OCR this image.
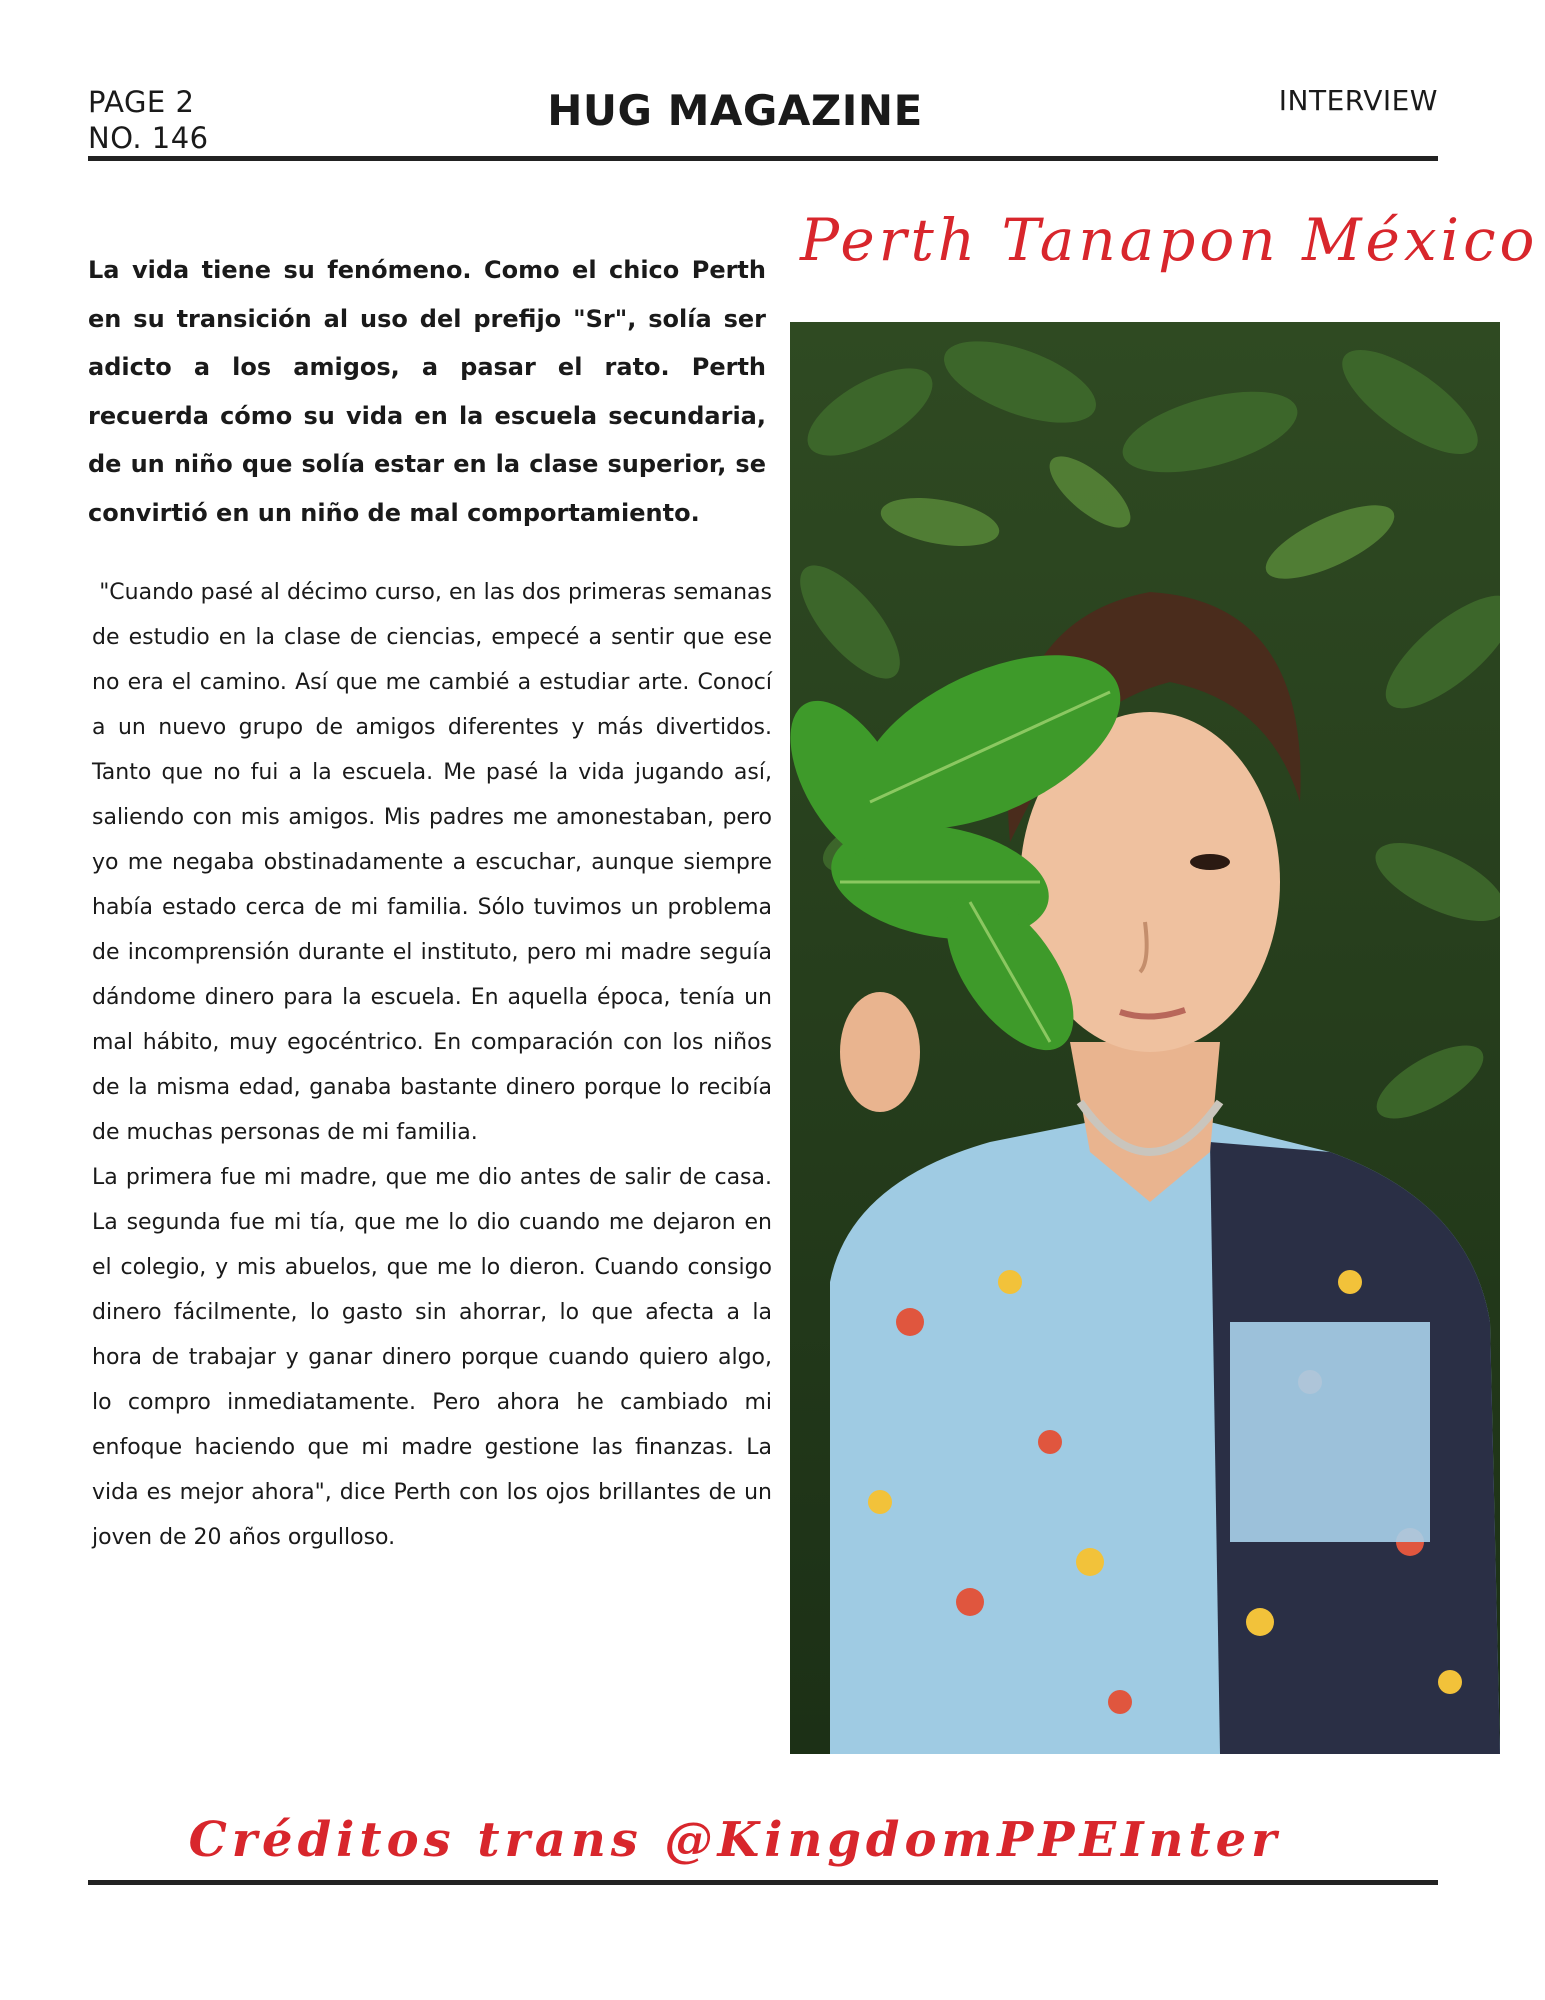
PAGE 2
NO. 146
HUG MAGAZINE	INTERVIEW
La vida tiene su fenómeno. Como el chico Perth en su transición al uso del prefijo "Sr", solía ser adicto a los amigos, a pasar el rato. Perth recuerda cómo su vida en la escuela secundaria, de un niño que solía estar en la clase superior, se convirtió en un niño de mal comportamiento.

"Cuando pasé al décimo curso, en las dos primeras semanas de estudio en la clase de ciencias, empecé a sentir que ese no era el camino. Así que me cambié a estudiar arte. Conocí a un nuevo grupo de amigos diferentes y más divertidos. Tanto que no fui a la escuela. Me pasé la vida jugando así, saliendo con mis amigos. Mis padres me amonestaban, pero yo me negaba obstinadamente a escuchar, aunque siempre había estado cerca de mi familia. Sólo tuvimos un problema de incomprensión durante el instituto, pero mi madre seguía dándome dinero para la escuela. En aquella época, tenía un mal hábito, muy egocéntrico. En comparación con los niños de la misma edad, ganaba bastante dinero porque lo recibía de muchas personas de mi familia.

La primera fue mi madre, que me dio antes de salir de casa. La segunda fue mi tía, que me lo dio cuando me dejaron en el colegio, y mis abuelos, que me lo dieron. Cuando consigo dinero fácilmente, lo gasto sin ahorrar, lo que afecta a la hora de trabajar y ganar dinero porque cuando quiero algo, lo compro inmediatamente. Pero ahora he cambiado mi enfoque haciendo que mi madre gestione las finanzas. La vida es mejor ahora", dice Perth con los ojos brillantes de un joven de 20 años orgulloso.

Perth Tanapon México
Créditos trans @KingdomPPEInter
